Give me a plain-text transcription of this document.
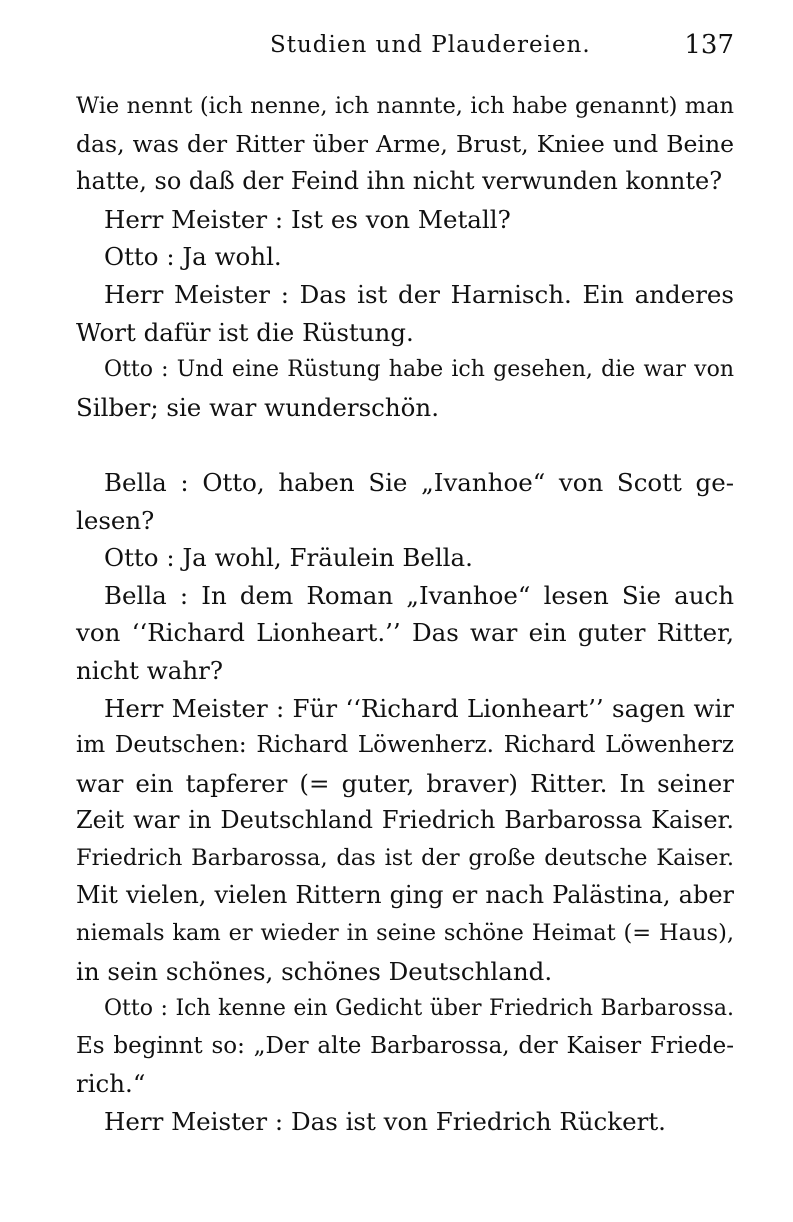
Studien und Plaudereien.	137
Wie nennt (ich nenne, ich nannte, ich habe genannt) man
das, was der Ritter über Arme, Brust, Kniee und Beine
hatte, so daß der Feind ihn nicht verwunden konnte?
Herr Meister : Ist es von Metall?
Otto : Ja wohl.
Herr Meister : Das ist der Harnisch. Ein anderes
Wort dafür ist die Rüstung.
Otto : Und eine Rüstung habe ich gesehen, die war von
Silber; sie war wunderschön.
Bella : Otto, haben Sie „Ivanhoe“ von Scott ge-
lesen?
Otto : Ja wohl, Fräulein Bella.
Bella : In dem Roman „Ivanhoe“ lesen Sie auch
von ‘‘Richard Lionheart.’’ Das war ein guter Ritter,
nicht wahr?
Herr Meister : Für ‘‘Richard Lionheart’’ sagen wir
im Deutschen: Richard Löwenherz. Richard Löwenherz
war ein tapferer (= guter, braver) Ritter. In seiner
Zeit war in Deutschland Friedrich Barbarossa Kaiser.
Friedrich Barbarossa, das ist der große deutsche Kaiser.
Mit vielen, vielen Rittern ging er nach Palästina, aber
niemals kam er wieder in seine schöne Heimat (= Haus),
in sein schönes, schönes Deutschland.
Otto : Ich kenne ein Gedicht über Friedrich Barbarossa.
Es beginnt so: „Der alte Barbarossa, der Kaiser Friede-
rich.“
Herr Meister : Das ist von Friedrich Rückert.
